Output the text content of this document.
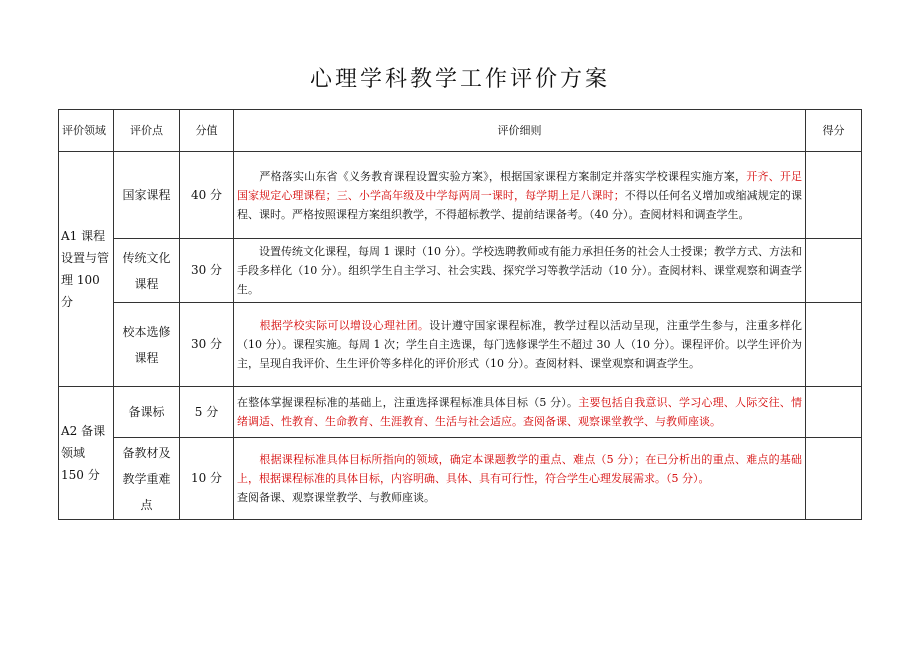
心理学科教学工作评价方案
评价领域	评价点	分值	评价细则	得分
A1 课程设置与管理 100 分	国家课程	40 分	　　严格落实山东省《义务教育课程设置实验方案》，根据国家课程方案制定并落实学校课程实施方案，开齐、开足国家规定心理课程；三、小学高年级及中学每两周一课时，每学期上足八课时；不得以任何名义增加或缩减规定的课程、课时。严格按照课程方案组织教学，不得超标教学、提前结课备考。（40 分）。查阅材料和调查学生。	
	传统文化课程	30 分	　　设置传统文化课程，每周 1 课时（10 分）。学校选聘教师或有能力承担任务的社会人士授课；教学方式、方法和手段多样化（10 分）。组织学生自主学习、社会实践、探究学习等教学活动（10 分）。查阅材料、课堂观察和调查学生。	
	校本选修课程	30 分	　　根据学校实际可以增设心理社团。设计遵守国家课程标准，教学过程以活动呈现，注重学生参与，注重多样化（10 分）。课程实施。每周 1 次；学生自主选课，每门选修课学生不超过 30 人（10 分）。课程评价。以学生评价为主，呈现自我评价、生生评价等多样化的评价形式（10 分）。查阅材料、课堂观察和调查学生。	
A2 备课领域 150 分	备课标	5 分	在整体掌握课程标准的基础上，注重选择课程标准具体目标（5 分）。主要包括自我意识、学习心理、人际交往、情绪调适、性教育、生命教育、生涯教育、生活与社会适应。查阅备课、观察课堂教学、与教师座谈。	
	备教材及教学重难点	10 分	　　根据课程标准具体目标所指向的领域，确定本课题教学的重点、难点（5 分）；在已分析出的重点、难点的基础上，根据课程标准的具体目标，内容明确、具体、具有可行性，符合学生心理发展需求。（5 分）。
查阅备课、观察课堂教学、与教师座谈。	
